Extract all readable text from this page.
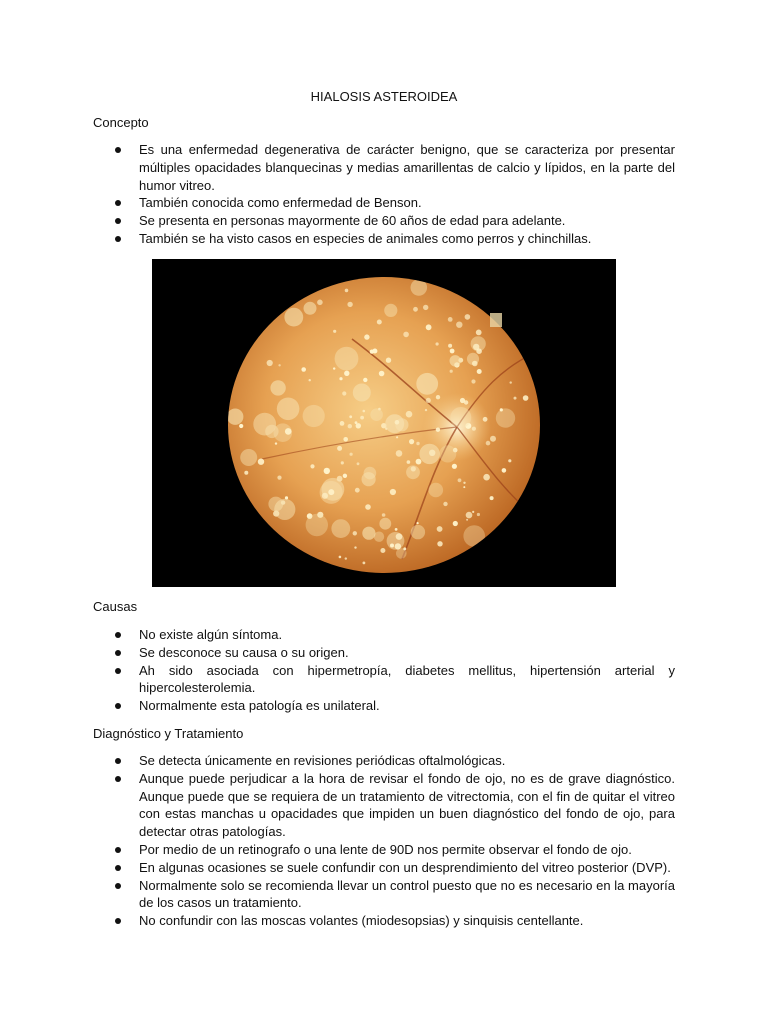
HIALOSIS ASTEROIDEA
Concepto
Es una enfermedad degenerativa de carácter benigno, que se caracteriza por presentar múltiples opacidades blanquecinas y medias amarillentas de calcio y lípidos, en la parte del humor vitreo.
También conocida como enfermedad de Benson.
Se presenta en personas mayormente de 60 años de edad para adelante.
También se ha visto casos en especies de animales como perros y chinchillas.
Causas
No existe algún síntoma.
Se desconoce su causa o su origen.
Ah sido asociada con hipermetropía, diabetes mellitus, hipertensión arterial y hipercolesterolemia.
Normalmente esta patología es unilateral.
Diagnóstico y Tratamiento
Se detecta únicamente en revisiones periódicas oftalmológicas.
Aunque puede perjudicar a la hora de revisar el fondo de ojo, no es de grave diagnóstico. Aunque puede que se requiera de un tratamiento de vitrectomia, con el fin de quitar el vitreo con estas manchas u opacidades que impiden un buen diagnóstico del fondo de ojo, para detectar otras patologías.
Por medio de un retinografo o una lente de 90D nos permite observar el fondo de ojo.
En algunas ocasiones se suele confundir con un desprendimiento del vitreo posterior (DVP).
Normalmente solo se recomienda llevar un control puesto que no es necesario en la mayoría de los casos un tratamiento.
No confundir con las moscas volantes (miodesopsias) y sinquisis centellante.
